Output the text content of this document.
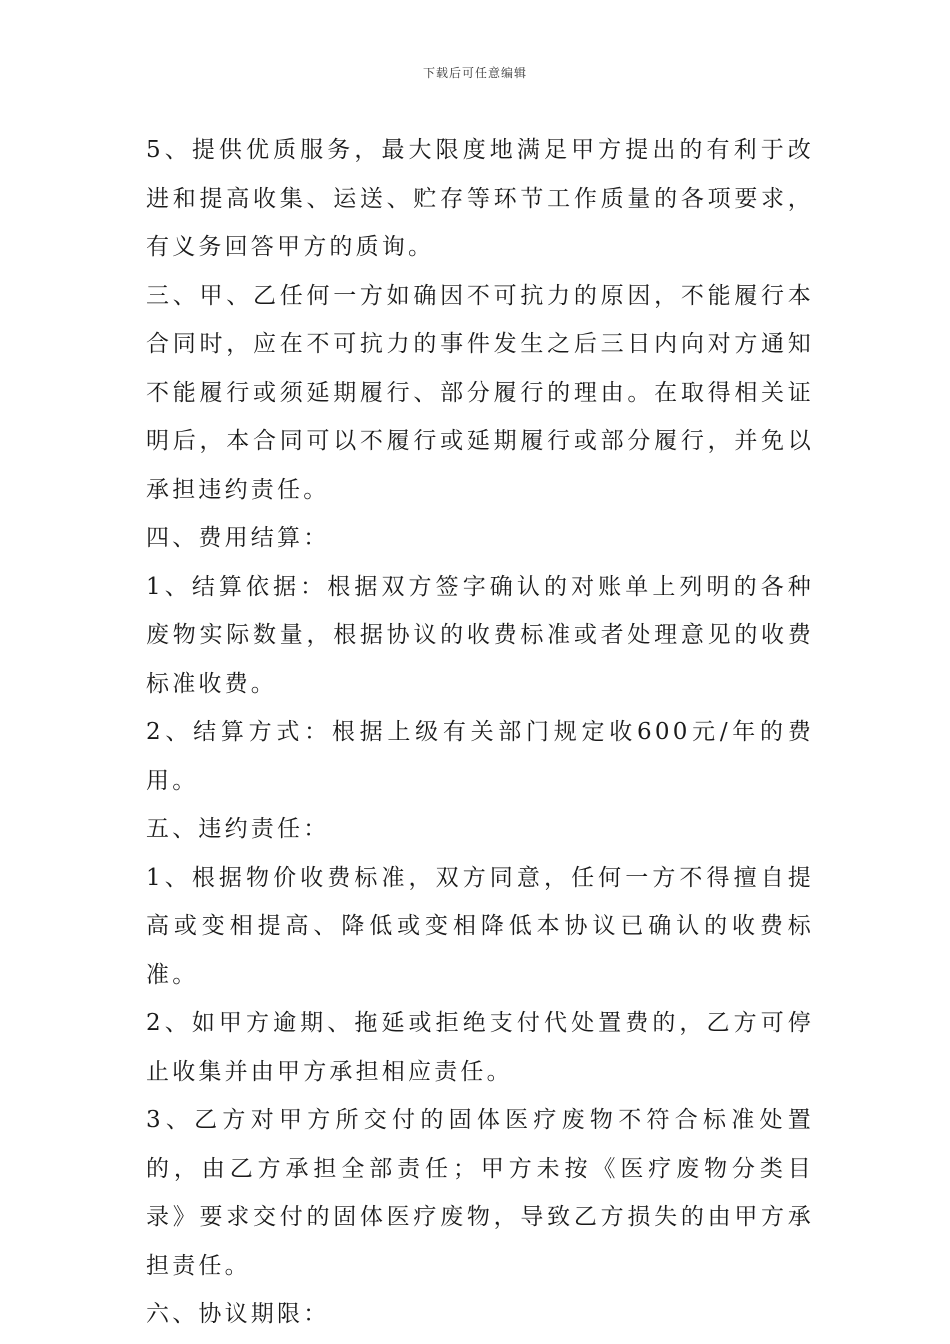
下载后可任意编辑

5、提供优质服务，最大限度地满足甲方提出的有利于改进和提高收集、运送、贮存等环节工作质量的各项要求，有义务回答甲方的质询。

三、甲、乙任何一方如确因不可抗力的原因，不能履行本合同时，应在不可抗力的事件发生之后三日内向对方通知不能履行或须延期履行、部分履行的理由。在取得相关证明后，本合同可以不履行或延期履行或部分履行，并免以承担违约责任。

四、费用结算：

1、结算依据：根据双方签字确认的对账单上列明的各种废物实际数量，根据协议的收费标准或者处理意见的收费标准收费。

2、结算方式：根据上级有关部门规定收600元/年的费用。

五、违约责任：

1、根据物价收费标准，双方同意，任何一方不得擅自提高或变相提高、降低或变相降低本协议已确认的收费标准。

2、如甲方逾期、拖延或拒绝支付代处置费的，乙方可停止收集并由甲方承担相应责任。

3、乙方对甲方所交付的固体医疗废物不符合标准处置的，由乙方承担全部责任；甲方未按《医疗废物分类目录》要求交付的固体医疗废物，导致乙方损失的由甲方承担责任。

六、协议期限：
